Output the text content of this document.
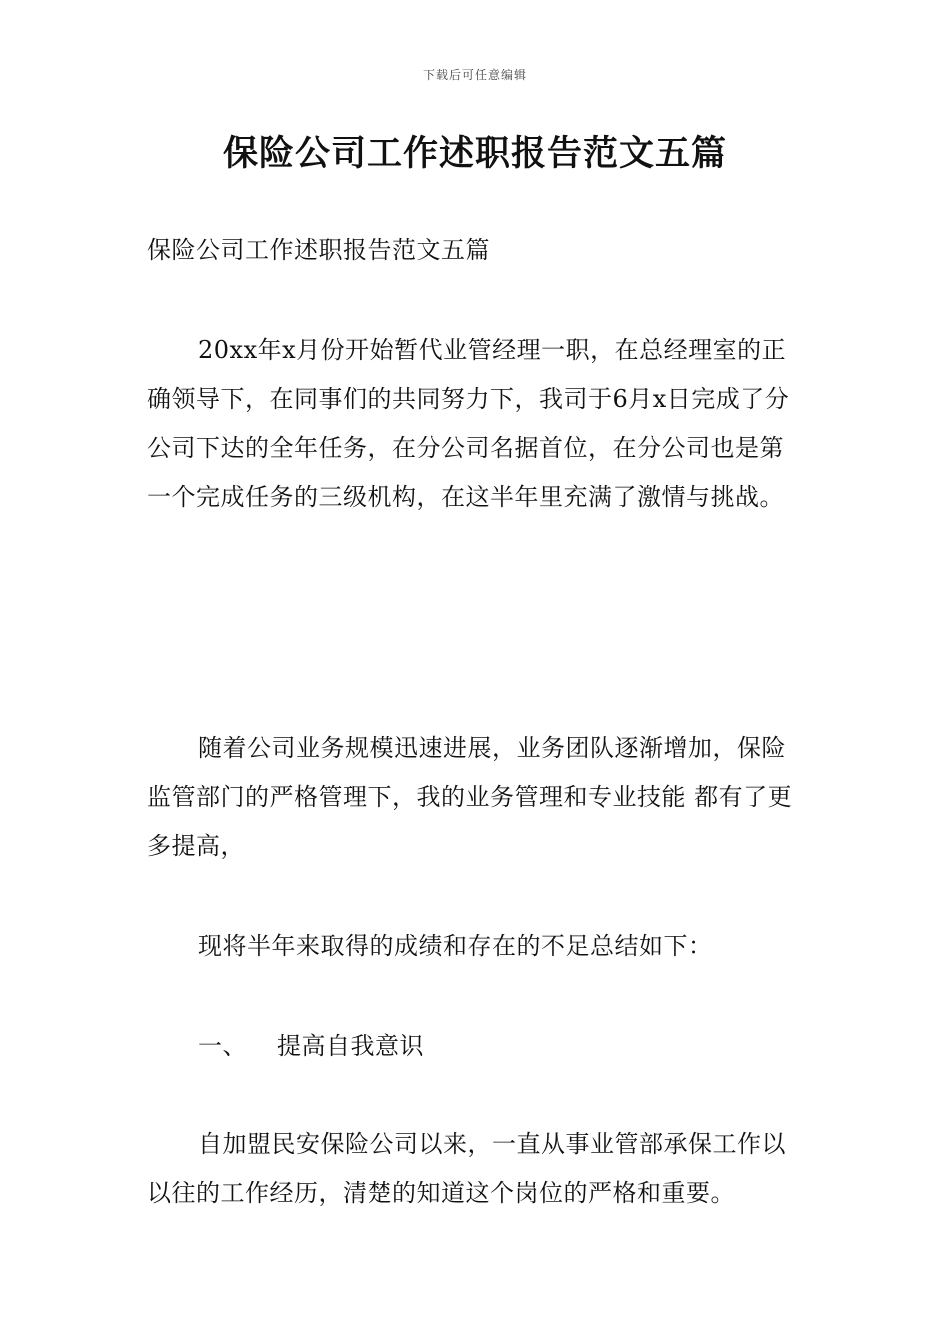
下载后可任意编辑
保险公司工作述职报告范文五篇

保险公司工作述职报告范文五篇

20xx年x月份开始暂代业管经理一职，在总经理室的正确领导下，在同事们的共同努力下，我司于6月x日完成了分公司下达的全年任务，在分公司名据首位，在分公司也是第一个完成任务的三级机构，在这半年里充满了激情与挑战。

随着公司业务规模迅速进展，业务团队逐渐增加，保险监管部门的严格管理下，我的业务管理和专业技能 都有了更多提高，

现将半年来取得的成绩和存在的不足总结如下：

一、 提高自我意识

自加盟民安保险公司以来，一直从事业管部承保工作以以往的工作经历，清楚的知道这个岗位的严格和重要。
